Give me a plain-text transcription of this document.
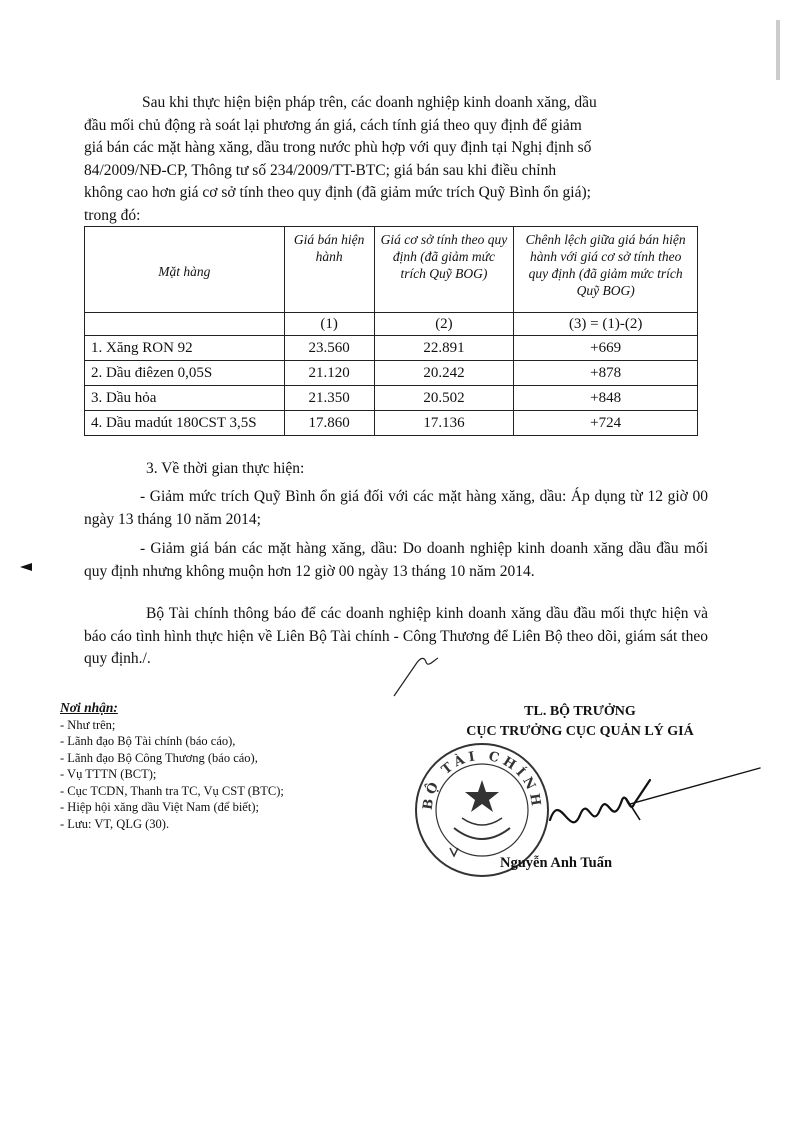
Sau khi thực hiện biện pháp trên, các doanh nghiệp kinh doanh xăng, dầu
đầu mối chủ động rà soát lại phương án giá, cách tính giá theo quy định để giảm
giá bán các mặt hàng xăng, dầu trong nước phù hợp với quy định tại Nghị định số
84/2009/NĐ-CP, Thông tư số 234/2009/TT-BTC; giá bán sau khi điều chỉnh
không cao hơn giá cơ sở tính theo quy định (đã giảm mức trích Quỹ Bình ổn giá);
trong đó:
Mặt hàng	Giá bán hiện hành	Giá cơ sở tính theo quy định (đã giảm mức trích Quỹ BOG)	Chênh lệch giữa giá bán hiện hành với giá cơ sở tính theo quy định (đã giảm mức trích Quỹ BOG)
	(1)	(2)	(3) = (1)-(2)
1. Xăng RON 92	23.560	22.891	+669
2. Dầu điêzen 0,05S	21.120	20.242	+878
3. Dầu hỏa	21.350	20.502	+848
4. Dầu madút 180CST 3,5S	17.860	17.136	+724
3. Về thời gian thực hiện:
- Giảm mức trích Quỹ Bình ổn giá đối với các mặt hàng xăng, dầu: Áp dụng từ 12 giờ 00 ngày 13 tháng 10 năm 2014;
- Giảm giá bán các mặt hàng xăng, dầu: Do doanh nghiệp kinh doanh xăng dầu đầu mối quy định nhưng không muộn hơn 12 giờ 00 ngày 13 tháng 10 năm 2014.
Bộ Tài chính thông báo để các doanh nghiệp kinh doanh xăng dầu đầu mối thực hiện và báo cáo tình hình thực hiện về Liên Bộ Tài chính - Công Thương để Liên Bộ theo dõi, giám sát theo quy định./.
Nơi nhận:
- Như trên;
- Lãnh đạo Bộ Tài chính (báo cáo),
- Lãnh đạo Bộ Công Thương (báo cáo),
- Vụ TTTN (BCT);
- Cục TCDN, Thanh tra TC, Vụ CST (BTC);
- Hiệp hội xăng dầu Việt Nam (để biết);
- Lưu: VT, QLG (30).
TL. BỘ TRƯỞNG
CỤC TRƯỞNG CỤC QUẢN LÝ GIÁ
BỘ TÀI CHÍNH
Nguyễn Anh Tuấn
